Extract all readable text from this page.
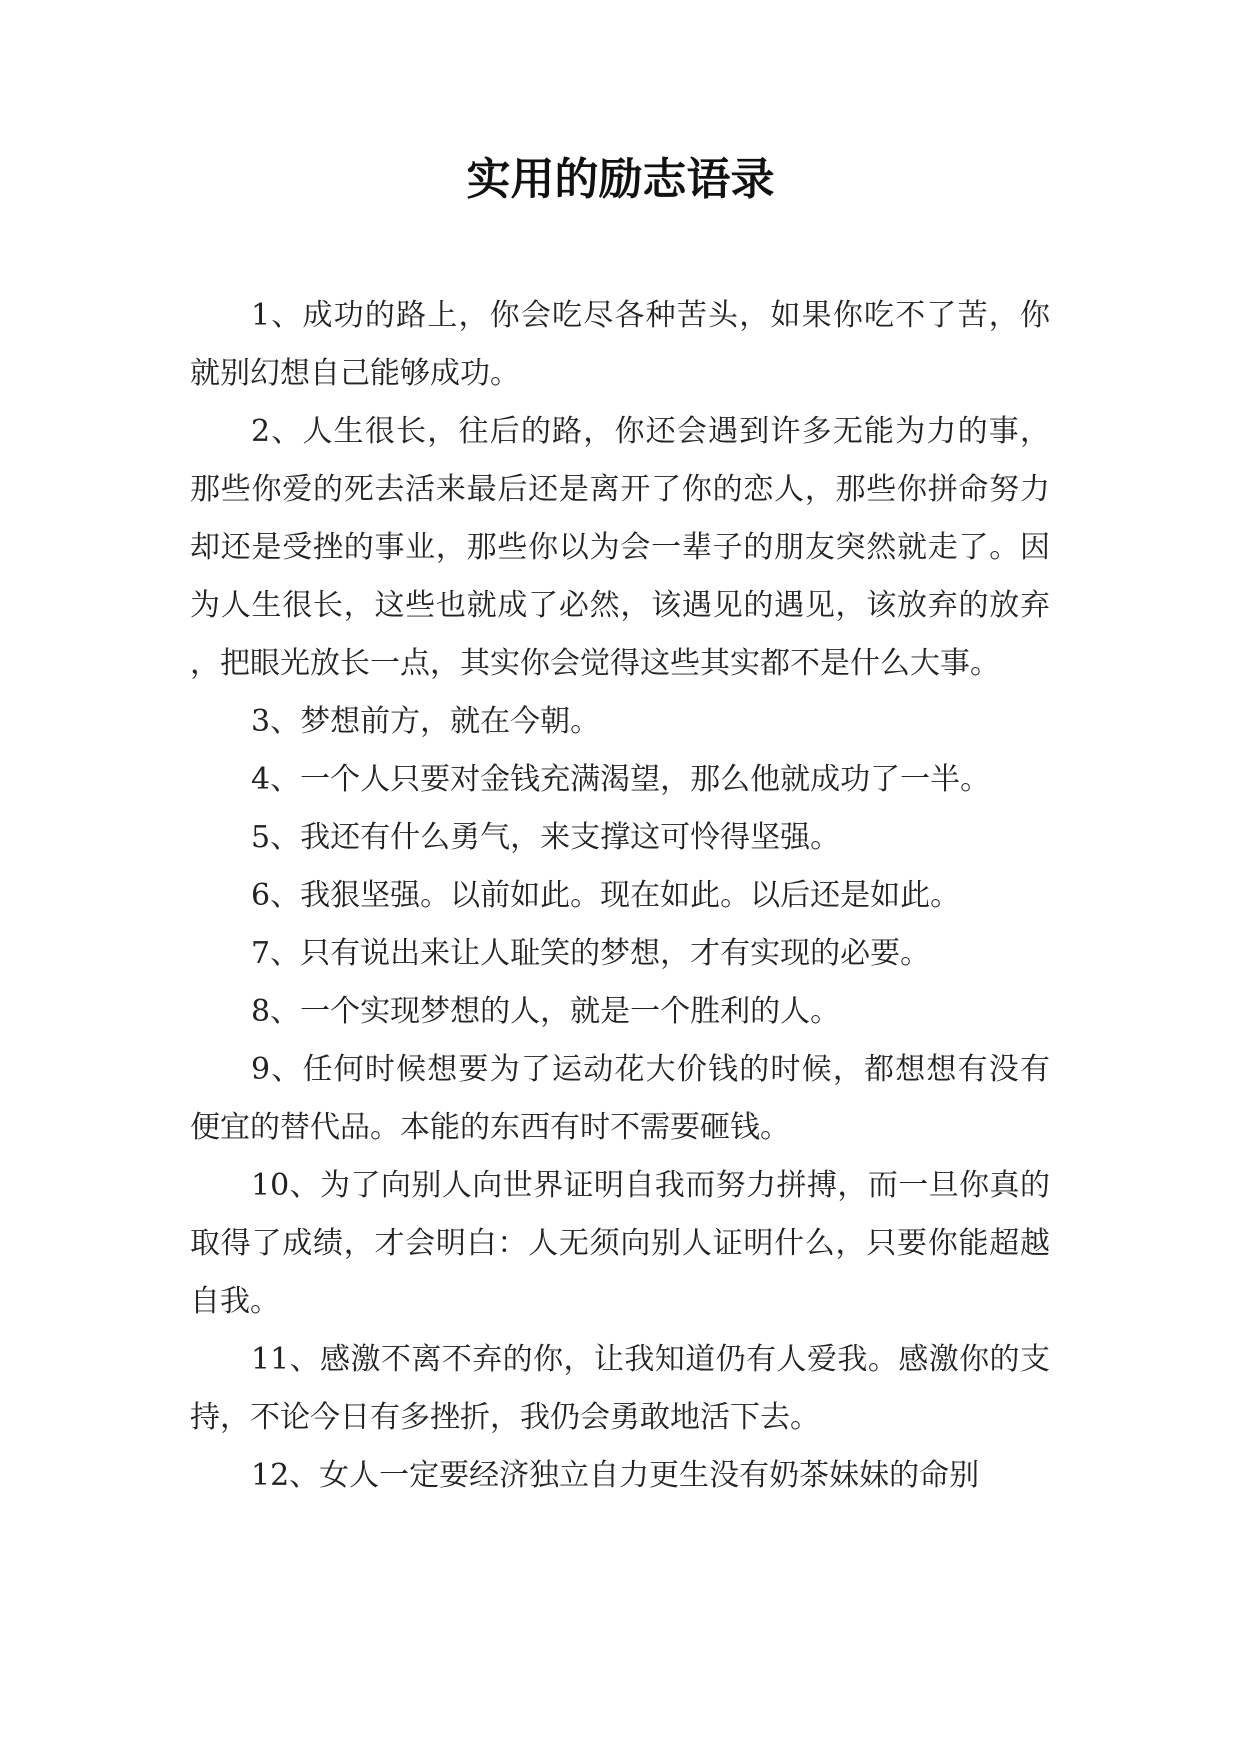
实用的励志语录

1、成功的路上，你会吃尽各种苦头，如果你吃不了苦，你就别幻想自己能够成功。

2、人生很长，往后的路，你还会遇到许多无能为力的事，那些你爱的死去活来最后还是离开了你的恋人，那些你拼命努力却还是受挫的事业，那些你以为会一辈子的朋友突然就走了。因为人生很长，这些也就成了必然，该遇见的遇见，该放弃的放弃，把眼光放长一点，其实你会觉得这些其实都不是什么大事。

3、梦想前方，就在今朝。

4、一个人只要对金钱充满渴望，那么他就成功了一半。

5、我还有什么勇气，来支撑这可怜得坚强。

6、我狠坚强。以前如此。现在如此。以后还是如此。

7、只有说出来让人耻笑的梦想，才有实现的必要。

8、一个实现梦想的人，就是一个胜利的人。

9、任何时候想要为了运动花大价钱的时候，都想想有没有便宜的替代品。本能的东西有时不需要砸钱。

10、为了向别人向世界证明自我而努力拼搏，而一旦你真的取得了成绩，才会明白：人无须向别人证明什么，只要你能超越自我。

11、感激不离不弃的你，让我知道仍有人爱我。感激你的支持，不论今日有多挫折，我仍会勇敢地活下去。

12、女人一定要经济独立自力更生没有奶茶妹妹的命别
